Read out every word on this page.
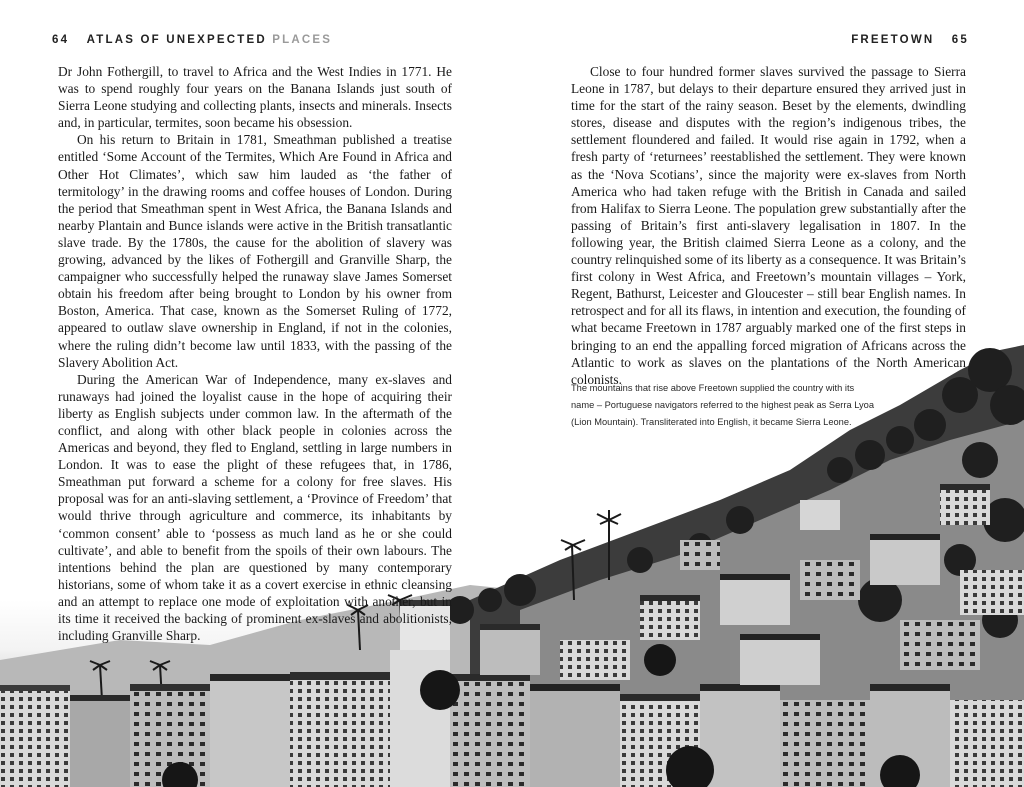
64 ATLAS OF UNEXPECTED PLACES	FREETOWN 65

Dr John Fothergill, to travel to Africa and the West Indies in 1771. He was to spend roughly four years on the Banana Islands just south of Sierra Leone studying and collecting plants, insects and minerals. Insects and, in particular, termites, soon became his obsession.

On his return to Britain in 1781, Smeathman published a treatise entitled ‘Some Account of the Termites, Which Are Found in Africa and Other Hot Climates’, which saw him lauded as ‘the father of termitology’ in the drawing rooms and coffee houses of London. During the period that Smeathman spent in West Africa, the Banana Islands and nearby Plantain and Bunce islands were active in the British transatlantic slave trade. By the 1780s, the cause for the abolition of slavery was growing, advanced by the likes of Fothergill and Granville Sharp, the campaigner who successfully helped the runaway slave James Somerset obtain his freedom after being brought to London by his owner from Boston, America. That case, known as the Somerset Ruling of 1772, appeared to outlaw slave ownership in England, if not in the colonies, where the ruling didn’t become law until 1833, with the passing of the Slavery Abolition Act.

During the American War of Independence, many ex-slaves and runaways had joined the loyalist cause in the hope of acquiring their liberty as English subjects under common law. In the aftermath of the conflict, and along with other black people in colonies across the Americas and beyond, they fled to England, settling in large numbers in London. It was to ease the plight of these refugees that, in 1786, Smeathman put forward a scheme for a colony for free slaves. His proposal was for an anti-slaving settlement, a ‘Province of Freedom’ that would thrive through agriculture and commerce, its inhabitants by ‘common consent’ able to ‘possess as much land as he or she could cultivate’, and able to benefit from the spoils of their own labours. The intentions behind the plan are questioned by many contemporary historians, some of whom take it as a covert exercise in ethnic cleansing and an attempt to replace one mode of exploitation with another, but in its time it received the backing of prominent ex-slaves and abolitionists, including Granville Sharp.

Close to four hundred former slaves survived the passage to Sierra Leone in 1787, but delays to their departure ensured they arrived just in time for the start of the rainy season. Beset by the elements, dwindling stores, disease and disputes with the region’s indigenous tribes, the settlement floundered and failed. It would rise again in 1792, when a fresh party of ‘returnees’ reestablished the settlement. They were known as the ‘Nova Scotians’, since the majority were ex-slaves from North America who had taken refuge with the British in Canada and sailed from Halifax to Sierra Leone. The population grew substantially after the passing of Britain’s first anti-slavery legalisation in 1807. In the following year, the British claimed Sierra Leone as a colony, and the country relinquished some of its liberty as a consequence. It was Britain’s first colony in West Africa, and Freetown’s mountain villages – York, Regent, Bathurst, Leicester and Gloucester – still bear English names. In retrospect and for all its flaws, in intention and execution, the founding of what became Freetown in 1787 arguably marked one of the first steps in bringing to an end the appalling forced migration of Africans across the Atlantic to work as slaves on the plantations of the North American colonists.

The mountains that rise above Freetown supplied the country with its name – Portuguese navigators referred to the highest peak as Serra Lyoa (Lion Mountain). Transliterated into English, it became Sierra Leone.
